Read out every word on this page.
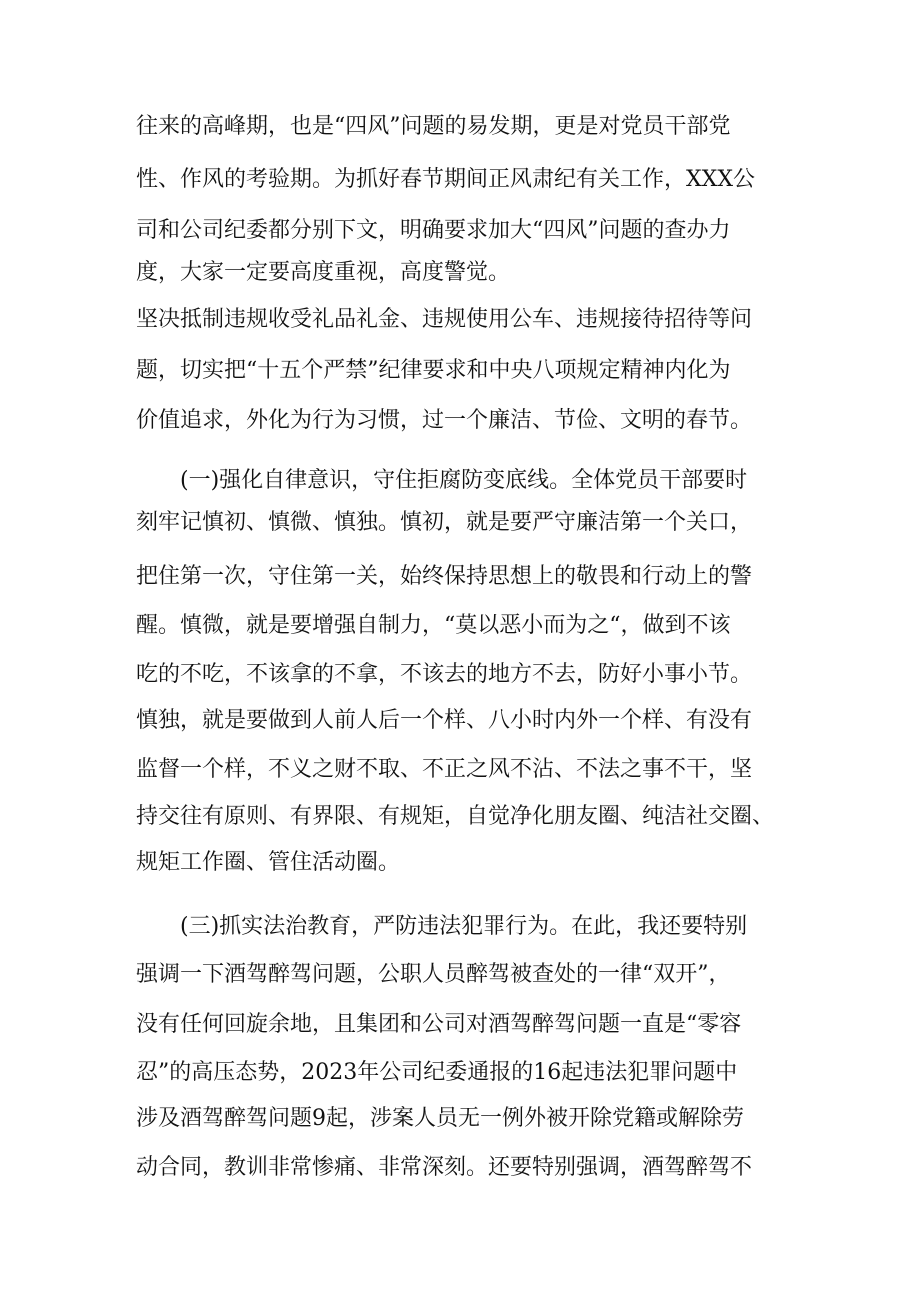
往来的高峰期，也是“四风”问题的易发期，更是对党员干部党
性、作风的考验期。为抓好春节期间正风肃纪有关工作，XXX公
司和公司纪委都分别下文，明确要求加大“四风”问题的查办力
度，大家一定要高度重视，高度警觉。
坚决抵制违规收受礼品礼金、违规使用公车、违规接待招待等问
题，切实把“十五个严禁”纪律要求和中央八项规定精神内化为
价值追求，外化为行为习惯，过一个廉洁、节俭、文明的春节。
(一)强化自律意识，守住拒腐防变底线。全体党员干部要时
刻牢记慎初、慎微、慎独。慎初，就是要严守廉洁第一个关口，
把住第一次，守住第一关，始终保持思想上的敬畏和行动上的警
醒。慎微，就是要增强自制力，“莫以恶小而为之“，做到不该
吃的不吃，不该拿的不拿，不该去的地方不去，防好小事小节。
慎独，就是要做到人前人后一个样、八小时内外一个样、有没有
监督一个样，不义之财不取、不正之风不沾、不法之事不干，坚
持交往有原则、有界限、有规矩，自觉净化朋友圈、纯洁社交圈、
规矩工作圈、管住活动圈。
(三)抓实法治教育，严防违法犯罪行为。在此，我还要特别
强调一下酒驾醉驾问题，公职人员醉驾被查处的一律“双开”，
没有任何回旋余地，且集团和公司对酒驾醉驾问题一直是“零容
忍”的高压态势，2023年公司纪委通报的16起违法犯罪问题中
涉及酒驾醉驾问题9起，涉案人员无一例外被开除党籍或解除劳
动合同，教训非常惨痛、非常深刻。还要特别强调，酒驾醉驾不
